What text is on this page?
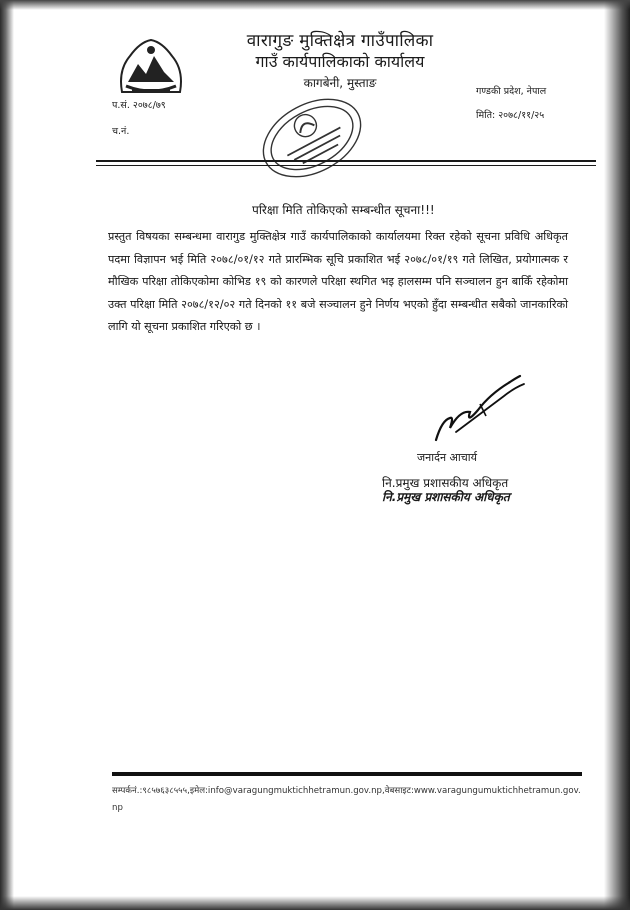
वारागुङ मुक्तिक्षेत्र गाउँपालिका
गाउँ कार्यपालिकाको कार्यालय
कागबेनी, मुस्ताङ
प.सं. २०७८/७९
च.नं.
गण्डकी प्रदेश, नेपाल
मिति: २०७८/११/२५
परिक्षा मिति तोकिएको सम्बन्धीत सूचना!!!
प्रस्तुत विषयका सम्बन्धमा वारागुड मुक्तिक्षेत्र गाउँ कार्यपालिकाको कार्यालयमा रिक्त रहेको सूचना प्रविधि अधिकृत पदमा विज्ञापन भई मिति २०७८/०१/१२ गते प्रारम्भिक सूचि प्रकाशित भई २०७८/०१/१९ गते लिखित, प्रयोगात्मक र मौखिक परिक्षा तोकिएकोमा कोभिड १९ को कारणले परिक्षा स्थगित भइ हालसम्म पनि सञ्चालन हुन बाकिँ रहेकोमा उक्त परिक्षा मिति २०७८/१२/०२ गते दिनको ११ बजे सञ्चालन हुने निर्णय भएको हुँदा सम्बन्धीत सबैको जानकारिको लागि यो सूचना प्रकाशित गरिएको छ ।
जनार्दन आचार्य
नि.प्रमुख प्रशासकीय अधिकृत
नि.प्रमुख प्रशासकीय अधिकृत
सम्पर्कनं.:९८५७६३८५५५,इमेल:info@varagungmuktichhetramun.gov.np,वेबसाइट:www.varagungumuktichhetramun.gov.np
